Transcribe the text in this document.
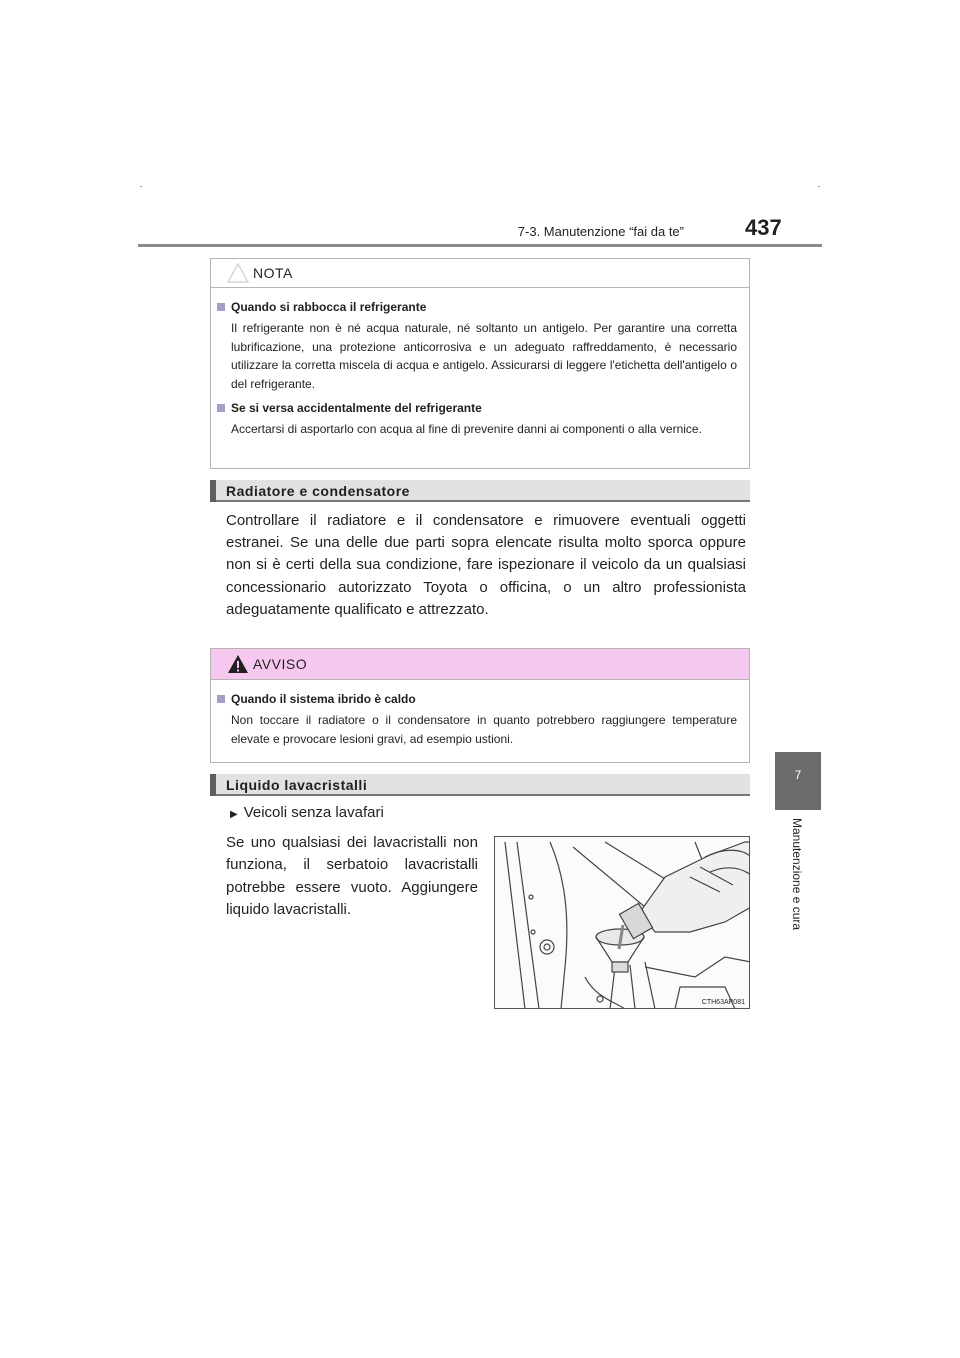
7-3. Manutenzione “fai da te”	437
7
Manutenzione e cura
NOTA
Quando si rabbocca il refrigerante
Il refrigerante non è né acqua naturale, né soltanto un antigelo. Per garantire una corretta lubrificazione, una protezione anticorrosiva e un adeguato raffreddamento, è necessario utilizzare la corretta miscela di acqua e antigelo. Assicurarsi di leggere l'etichetta dell'antigelo o del refrigerante.
Se si versa accidentalmente del refrigerante
Accertarsi di asportarlo con acqua al fine di prevenire danni ai componenti o alla vernice.
Radiatore e condensatore

Controllare il radiatore e il condensatore e rimuovere eventuali oggetti estranei. Se una delle due parti sopra elencate risulta molto sporca oppure non si è certi della sua condizione, fare ispezionare il veicolo da un qualsiasi concessionario autorizzato Toyota o officina, o un altro professionista adeguatamente qualificato e attrezzato.

AVVISO
Quando il sistema ibrido è caldo
Non toccare il radiatore o il condensatore in quanto potrebbero raggiungere temperature elevate e provocare lesioni gravi, ad esempio ustioni.
Liquido lavacristalli
▶ Veicoli senza lavafari

Se uno qualsiasi dei lavacristalli non funziona, il serbatoio lavacristalli potrebbe essere vuoto. Aggiungere liquido lavacristalli.

CTH63AP081
